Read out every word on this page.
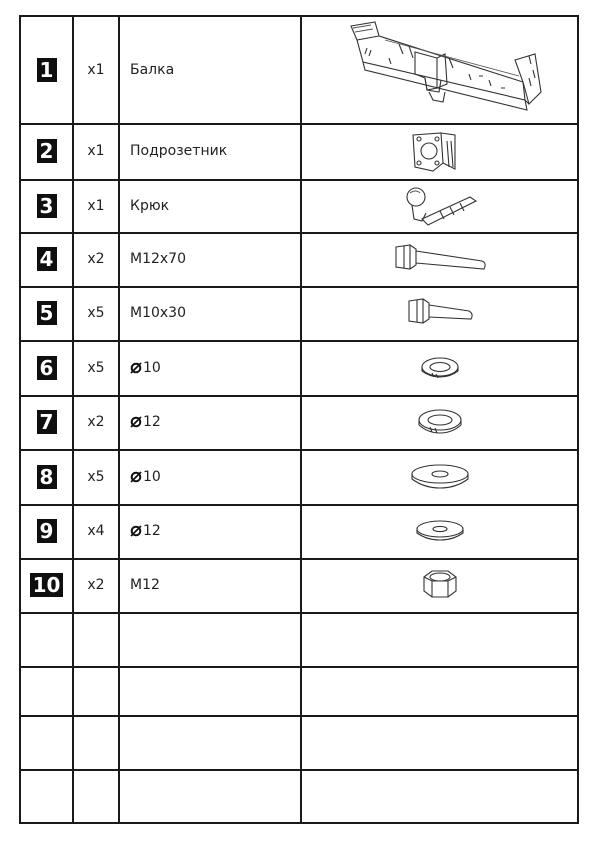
1	x1	Балка
2	x1	Подрозетник
3	x1	Крюк
4	x2	M12x70
5	x5	M10x30
6	x5	10
7	x2	12
8	x5	10
9	x4	12
10	x2	M12
